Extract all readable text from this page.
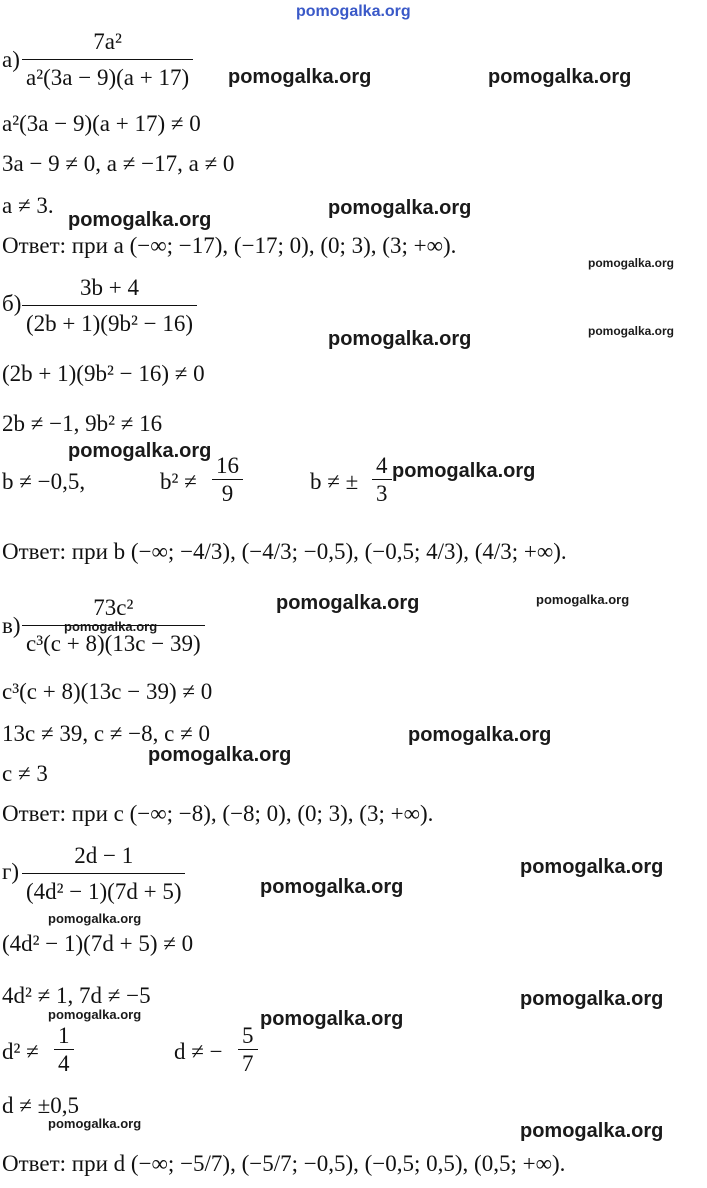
pomogalka.org
pomogalka.org	pomogalka.org
pomogalka.org
pomogalka.org
pomogalka.org
pomogalka.org	pomogalka.org
pomogalka.org
pomogalka.org
pomogalka.org	pomogalka.org
pomogalka.org
pomogalka.org
pomogalka.org
pomogalka.org
pomogalka.org
pomogalka.org
pomogalka.org
pomogalka.org	pomogalka.org
pomogalka.org	pomogalka.org
а)
7a²
a²(3a − 9)(a + 17)
a²(3a − 9)(a + 17) ≠ 0
3a − 9 ≠ 0, a ≠ −17, a ≠ 0
a ≠ 3.
Ответ: при a (−∞; −17), (−17; 0), (0; 3), (3; +∞).
б)
3b + 4
(2b + 1)(9b² − 16)
(2b + 1)(9b² − 16) ≠ 0
2b ≠ −1, 9b² ≠ 16
b ≠ −0,5,	b² ≠
16
9	b ≠ ±
4
3
Ответ: при b (−∞; −4/3), (−4/3; −0,5), (−0,5; 4/3), (4/3; +∞).
в)
73c²
c³(c + 8)(13c − 39)
c³(c + 8)(13c − 39) ≠ 0
13c ≠ 39, c ≠ −8, c ≠ 0
c ≠ 3
Ответ: при c (−∞; −8), (−8; 0), (0; 3), (3; +∞).
г)
2d − 1
(4d² − 1)(7d + 5)
(4d² − 1)(7d + 5) ≠ 0
4d² ≠ 1, 7d ≠ −5
d² ≠
1
4	d ≠ −
5
7
d ≠ ±0,5
Ответ: при d (−∞; −5/7), (−5/7; −0,5), (−0,5; 0,5), (0,5; +∞).
